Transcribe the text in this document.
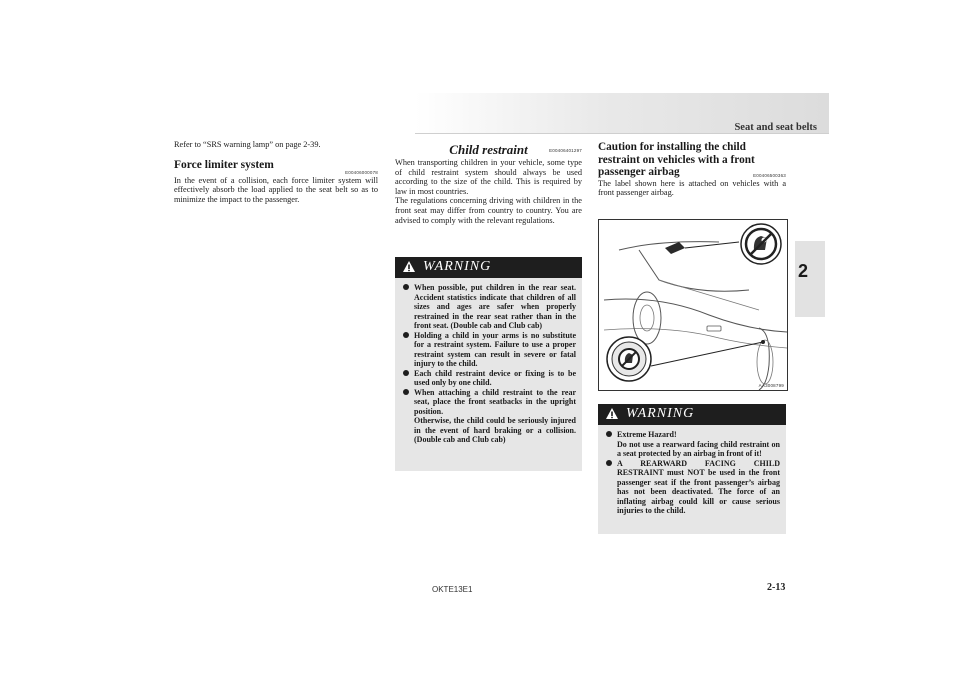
Seat and seat belts
2

Refer to “SRS warning lamp” on page 2-39.

Force limiter system
E00406000078

In the event of a collision, each force limiter system will effectively absorb the load applied to the seat belt so as to minimize the impact to the passenger.

Child restraint	E00406401297

When transporting children in your vehicle, some type of child restraint system should always be used according to the size of the child. This is required by law in most countries.

The regulations concerning driving with children in the front seat may differ from country to country. You are advised to comply with the relevant regulations.

WARNING
When possible, put children in the rear seat. Accident statistics indicate that children of all sizes and ages are safer when properly restrained in the rear seat rather than in the front seat. (Double cab and Club cab)
Holding a child in your arms is no substitute for a restraint system. Failure to use a proper restraint system can result in severe or fatal injury to the child.
Each child restraint device or fixing is to be used only by one child.
When attaching a child restraint to the rear seat, place the front seatbacks in the upright position.
Otherwise, the child could be seriously injured in the event of hard braking or a collision. (Double cab and Club cab)
Caution for installing the child restraint on vehicles with a front passenger airbag	E00406500363

The label shown here is attached on vehicles with a front passenger airbag.

AA3008799
WARNING
Extreme Hazard!
Do not use a rearward facing child restraint on a seat protected by an airbag in front of it!
A REARWARD FACING CHILD RESTRAINT must NOT be used in the front passenger seat if the front passenger’s airbag has not been deactivated. The force of an inflating airbag could kill or cause serious injuries to the child.
OKTE13E1	2-13
